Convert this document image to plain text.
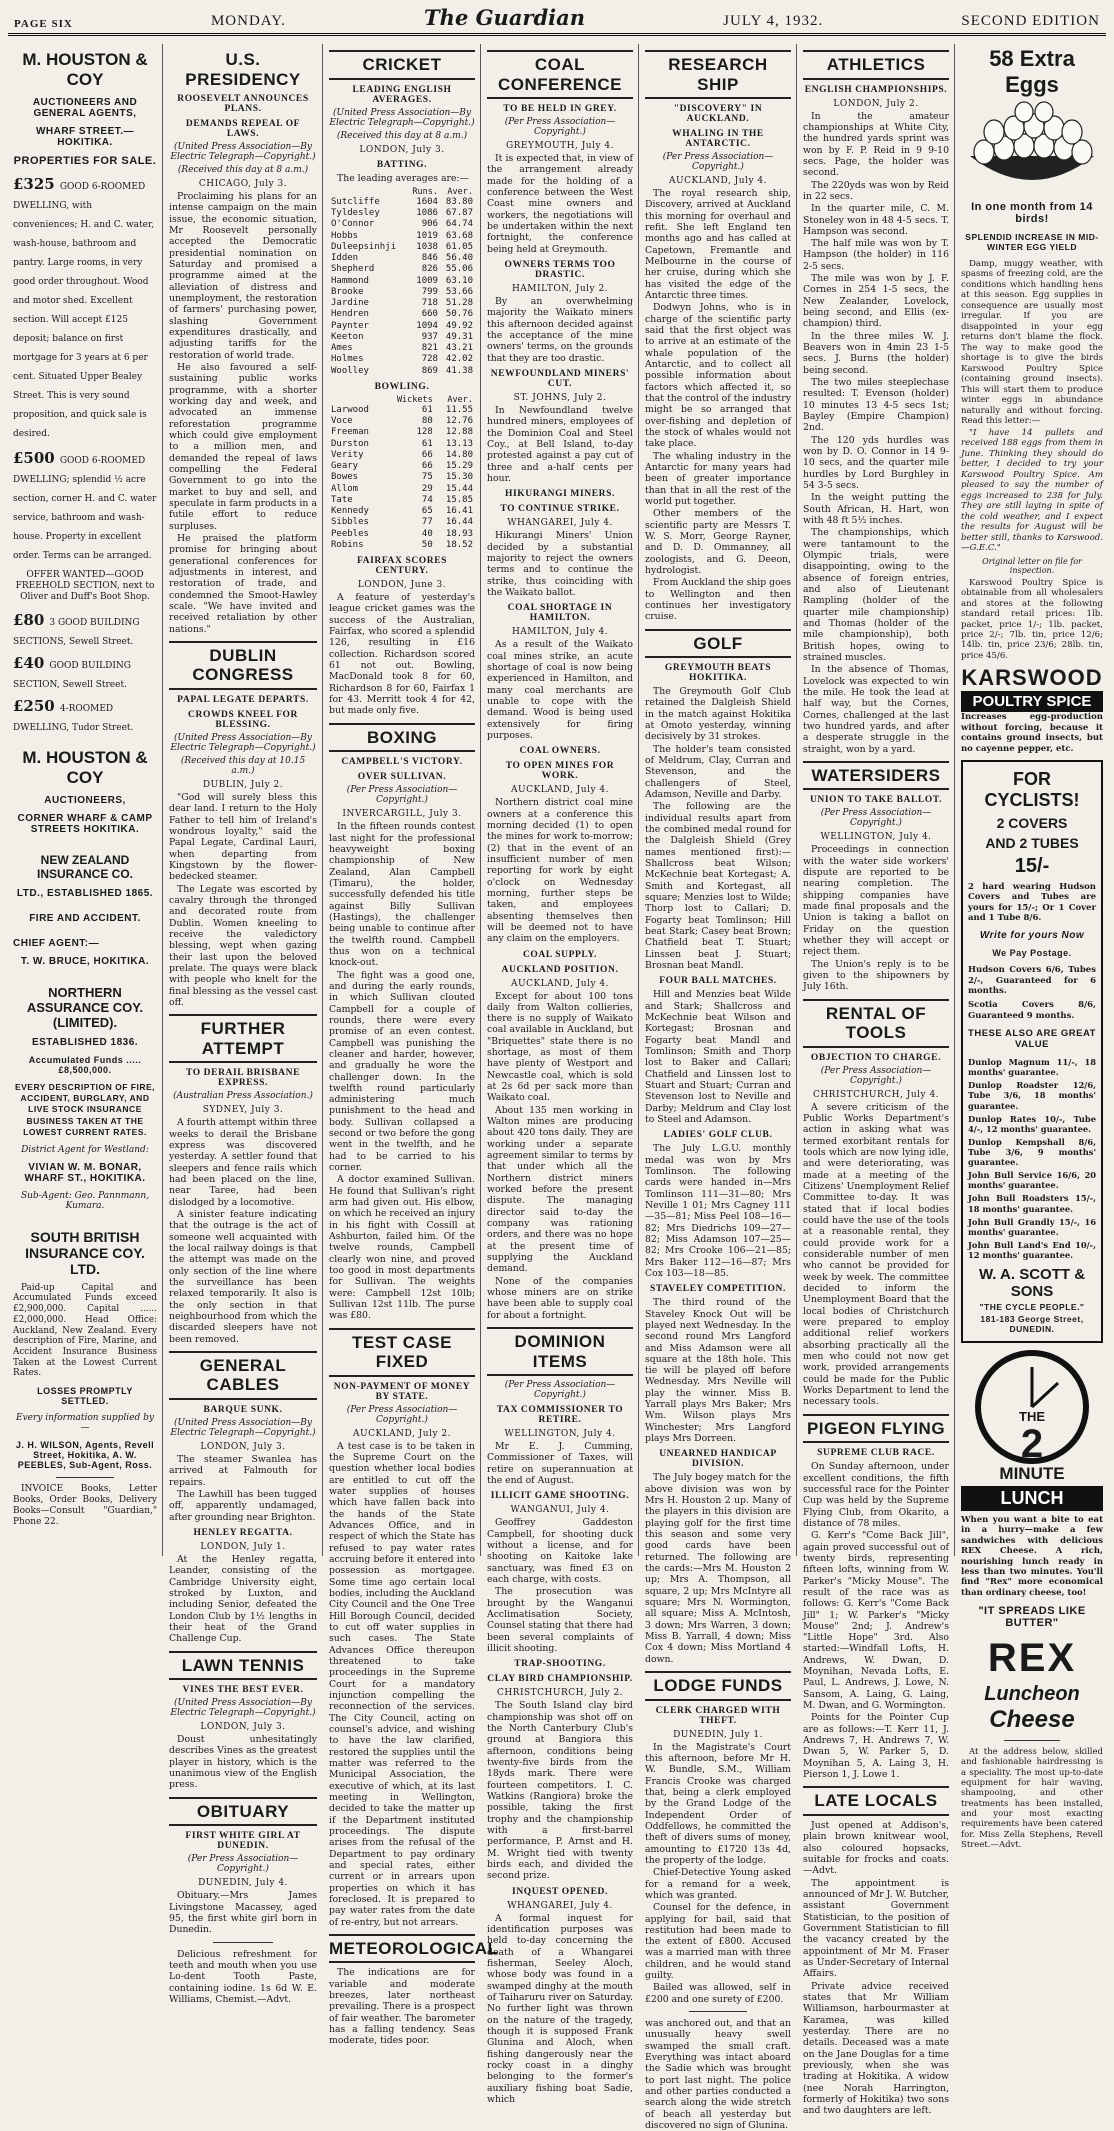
PAGE SIX	MONDAY.	The Guardian	JULY 4, 1932.	SECOND EDITION
M. HOUSTON & COY
AUCTIONEERS AND GENERAL AGENTS,
WHARF STREET.—HOKITIKA.
PROPERTIES FOR SALE.
£325 GOOD 6-ROOMED DWELLING, with conveniences; H. and C. water, wash-house, bathroom and pantry. Large rooms, in very good order throughout. Wood and motor shed. Excellent section. Will accept £125 deposit; balance on first mortgage for 3 years at 6 per cent. Situated Upper Bealey Street. This is very sound proposition, and quick sale is desired.
£500 GOOD 6-ROOMED DWELLING; splendid ½ acre section, corner H. and C. water service, bathroom and wash-house. Property in excellent order. Terms can be arranged.
OFFER WANTED—GOOD FREEHOLD SECTION, next to Oliver and Duff's Boot Shop.
£80 3 GOOD BUILDING SECTIONS, Sewell Street.
£40 GOOD BUILDING SECTION, Sewell Street.
£250 4-ROOMED DWELLING, Tudor Street.
M. HOUSTON & COY
AUCTIONEERS,
CORNER WHARF & CAMP STREETS HOKITIKA.
NEW ZEALAND INSURANCE CO.
LTD., ESTABLISHED 1865.
FIRE AND ACCIDENT.
CHIEF AGENT:—
T. W. BRUCE, HOKITIKA.
NORTHERN ASSURANCE COY. (LIMITED).
ESTABLISHED 1836.
Accumulated Funds ..... £8,500,000.
EVERY DESCRIPTION OF FIRE, ACCIDENT, BURGLARY, AND LIVE STOCK INSURANCE BUSINESS TAKEN AT THE LOWEST CURRENT RATES.
District Agent for Westland:
VIVIAN W. M. BONAR, WHARF ST., HOKITIKA.
Sub-Agent: Geo. Pannmann, Kumara.
SOUTH BRITISH INSURANCE COY. LTD.

Paid-up Capital and Accumulated Funds exceed £2,900,000. Capital ...... £2,000,000. Head Office: Auckland, New Zealand. Every description of Fire, Marine, and Accident Insurance Business Taken at the Lowest Current Rates.

LOSSES PROMPTLY SETTLED.
Every information supplied by—
J. H. WILSON, Agents, Revell Street, Hokitika, A. W. PEEBLES, Sub-Agent, Ross.

INVOICE Books, Letter Books, Order Books, Delivery Books—Consult "Guardian," Phone 22.

U.S. PRESIDENCY
ROOSEVELT ANNOUNCES PLANS.
DEMANDS REPEAL OF LAWS.
(United Press Association—By Electric Telegraph—Copyright.)
(Received this day at 8 a.m.)
CHICAGO, July 3.

Proclaiming his plans for an intense campaign on the main issue, the economic situation, Mr Roosevelt personally accepted the Democratic presidential nomination on Saturday and promised a programme aimed at the alleviation of distress and unemployment, the restoration of farmers' purchasing power, slashing Government expenditures drastically, and adjusting tariffs for the restoration of world trade.

He also favoured a self-sustaining public works programme, with a shorter working day and week, and advocated an immense reforestation programme which could give employment to a million men, and demanded the repeal of laws compelling the Federal Government to go into the market to buy and sell, and speculate in farm products in a futile effort to reduce surpluses.

He praised the platform promise for bringing about generational conferences for adjustments in interest, and restoration of trade, and condemned the Smoot-Hawley scale. "We have invited and received retaliation by other nations."

DUBLIN CONGRESS
PAPAL LEGATE DEPARTS.
CROWDS KNEEL FOR BLESSING.
(United Press Association—By Electric Telegraph—Copyright.)
(Received this day at 10.15 a.m.)
DUBLIN, July 2.

"God will surely bless this dear land. I return to the Holy Father to tell him of Ireland's wondrous loyalty," said the Papal Legate, Cardinal Lauri, when departing from Kingstown by the flower-bedecked steamer.

The Legate was escorted by cavalry through the thronged and decorated route from Dublin. Women kneeling to receive the valedictory blessing, wept when gazing their last upon the beloved prelate. The quays were black with people who knelt for the final blessing as the vessel cast off.

FURTHER ATTEMPT
TO DERAIL BRISBANE EXPRESS.
(Australian Press Association.)
SYDNEY, July 3.

A fourth attempt within three weeks to derail the Brisbane express was discovered yesterday. A settler found that sleepers and fence rails which had been placed on the line, near Taree, had been dislodged by a locomotive.

A sinister feature indicating that the outrage is the act of someone well acquainted with the local railway doings is that the attempt was made on the only section of the line where the surveillance has been relaxed temporarily. It also is the only section in that neighbourhood from which the discarded sleepers have not been removed.

GENERAL CABLES
BARQUE SUNK.
(United Press Association—By Electric Telegraph—Copyright.)
LONDON, July 3.

The steamer Swanlea has arrived at Falmouth for repairs.

The Lawhill has been tugged off, apparently undamaged, after grounding near Brighton.

HENLEY REGATTA.
LONDON, July 1.

At the Henley regatta, Leander, consisting of the Cambridge University eight, stroked by Luxton, and including Senior, defeated the London Club by 1½ lengths in their heat of the Grand Challenge Cup.

LAWN TENNIS
VINES THE BEST EVER.
(United Press Association—By Electric Telegraph—Copyright.)
LONDON, July 3.

Doust unhesitatingly describes Vines as the greatest player in history, which is the unanimous view of the English press.

OBITUARY
FIRST WHITE GIRL AT DUNEDIN.
(Per Press Association— Copyright.)
DUNEDIN, July 4.

Obituary.—Mrs James Livingstone Macassey, aged 95, the first white girl born in Dunedin.

Delicious refreshment for teeth and mouth when you use Lo-dent Tooth Paste, containing iodine. 1s 6d W. E. Williams, Chemist.—Advt.

CRICKET
LEADING ENGLISH AVERAGES.
(United Press Association—By Electric Telegraph—Copyright.)
(Received this day at 8 a.m.)
LONDON, July 3.
BATTING.

The leading averages are:—

	Runs.	Aver.
Sutcliffe	1604	83.80
Tyldesley	1086	67.87
O'Connor	906	64.74
Hobbs	1019	63.68
Duleepsinhji	1038	61.05
Idden	846	56.40
Shepherd	826	55.06
Hammond	1009	63.10
Brooke	799	53.66
Jardine	718	51.28
Hendren	660	50.76
Paynter	1094	49.92
Keeton	937	49.31
Ames	821	43.21
Holmes	728	42.02
Woolley	869	41.38
BOWLING.
	Wickets	Aver.
Larwood	61	11.55
Voce	80	12.76
Freeman	128	12.88
Durston	61	13.13
Verity	66	14.80
Geary	66	15.29
Bowes	75	15.30
Allom	29	15.44
Tate	74	15.85
Kennedy	65	16.41
Sibbles	77	16.44
Peebles	40	18.93
Robins	50	18.52
FAIRFAX SCORES CENTURY.
LONDON, June 3.

A feature of yesterday's league cricket games was the success of the Australian, Fairfax, who scored a splendid 126, resulting in £16 collection. Richardson scored 61 not out. Bowling, MacDonald took 8 for 60, Richardson 8 for 60, Fairfax 1 for 43. Merritt took 4 for 42, but made only five.

BOXING
CAMPBELL'S VICTORY.
OVER SULLIVAN.
(Per Press Association— Copyright.)
INVERCARGILL, July 3.

In the fifteen rounds contest last night for the professional heavyweight boxing championship of New Zealand, Alan Campbell (Timaru), the holder, successfully defended his title against Billy Sullivan (Hastings), the challenger being unable to continue after the twelfth round. Campbell thus won on a technical knock-out.

The fight was a good one, and during the early rounds, in which Sullivan clouted Campbell for a couple of rounds, there were every promise of an even contest. Campbell was punishing the cleaner and harder, however, and gradually he wore the challenger down. In the twelfth round particularly administering much punishment to the head and body. Sullivan collapsed a second or two before the gong went in the twelfth, and he had to be carried to his corner.

A doctor examined Sullivan. He found that Sullivan's right arm had given out. His elbow, on which he received an injury in his fight with Cossill at Ashburton, failed him. Of the twelve rounds, Campbell clearly won nine, and proved too good in most departments for Sullivan. The weights were: Campbell 12st 10lb; Sullivan 12st 11lb. The purse was £80.

TEST CASE FIXED
NON-PAYMENT OF MONEY BY STATE.
(Per Press Association— Copyright.)
AUCKLAND, July 2.

A test case is to be taken in the Supreme Court on the question whether local bodies are entitled to cut off the water supplies of houses which have fallen back into the hands of the State Advances Office, and in respect of which the State has refused to pay water rates accruing before it entered into possession as mortgagee. Some time ago certain local bodies, including the Auckland City Council and the One Tree Hill Borough Council, decided to cut off water supplies in such cases. The State Advances Office thereupon threatened to take proceedings in the Supreme Court for a mandatory injunction compelling the reconnection of the services. The City Council, acting on counsel's advice, and wishing to have the law clarified, restored the supplies until the matter was referred to the Municipal Association, the executive of which, at its last meeting in Wellington, decided to take the matter up if the Department instituted proceedings. The dispute arises from the refusal of the Department to pay ordinary and special rates, either current or in arrears upon properties on which it has foreclosed. It is prepared to pay water rates from the date of re-entry, but not arrears.

METEOROLOGICAL

The indications are for variable and moderate breezes, later northeast prevailing. There is a prospect of fair weather. The barometer has a falling tendency. Seas moderate, tides poor.

COAL CONFERENCE
TO BE HELD IN GREY.
(Per Press Association— Copyright.)
GREYMOUTH, July 4.

It is expected that, in view of the arrangement already made for the holding of a conference between the West Coast mine owners and workers, the negotiations will be undertaken within the next fortnight, the conference being held at Greymouth.

OWNERS TERMS TOO DRASTIC.
HAMILTON, July 2.

By an overwhelming majority the Waikato miners this afternoon decided against the acceptance of the mine owners' terms, on the grounds that they are too drastic.

NEWFOUNDLAND MINERS' CUT.
ST. JOHNS, July 2.

In Newfoundland twelve hundred miners, employees of the Dominion Coal and Steel Coy., at Bell Island, to-day protested against a pay cut of three and a-half cents per hour.

HIKURANGI MINERS.
TO CONTINUE STRIKE.
WHANGAREI, July 4.

Hikurangi Miners' Union decided by a substantial majority to reject the owners terms and to continue the strike, thus coinciding with the Waikato ballot.

COAL SHORTAGE IN HAMILTON.
HAMILTON, July 4.

As a result of the Waikato coal mines strike, an acute shortage of coal is now being experienced in Hamilton, and many coal merchants are unable to cope with the demand. Wood is being used extensively for firing purposes.

COAL OWNERS.
TO OPEN MINES FOR WORK.
AUCKLAND, July 4.

Northern district coal mine owners at a conference this morning decided (1) to open the mines for work to-morrow; (2) that in the event of an insufficient number of men reporting for work by eight o'clock on Wednesday morning, further steps be taken, and employees absenting themselves then will be deemed not to have any claim on the employers.

COAL SUPPLY.
AUCKLAND POSITION.
AUCKLAND, July 4.

Except for about 100 tons daily from Walton collieries, there is no supply of Waikato coal available in Auckland, but "Briquettes" state there is no shortage, as most of them have plenty of Westport and Newcastle coal, which is sold at 2s 6d per sack more than Waikato coal.

About 135 men working in Walton mines are producing about 420 tons daily. They are working under a separate agreement similar to terms by that under which all the Northern district miners worked before the present dispute. The managing director said to-day the company was rationing orders, and there was no hope at the present time of supplying the Auckland demand.

None of the companies whose miners are on strike have been able to supply coal for about a fortnight.

DOMINION ITEMS
(Per Press Association— Copyright.)
TAX COMMISSIONER TO RETIRE.
WELLINGTON, July 4.

Mr E. J. Cumming, Commissioner of Taxes, will retire on superannuation at the end of August.

ILLICIT GAME SHOOTING.
WANGANUI, July 4.

Geoffrey Gaddeston Campbell, for shooting duck without a license, and for shooting on Kaitoke lake sanctuary, was fined £3 on each charge, with costs.

The prosecution was brought by the Wanganui Acclimatisation Society, Counsel stating that there had been several complaints of illicit shooting.

TRAP-SHOOTING.
CLAY BIRD CHAMPIONSHIP.
CHRISTCHURCH, July 2.

The South Island clay bird championship was shot off on the North Canterbury Club's ground at Bangiora this afternoon, conditions being twenty-five birds from the 18yds mark. There were fourteen competitors. I. C. Watkins (Rangiora) broke the possible, taking the first trophy and the championship with a first-barrel performance, P. Arnst and H. M. Wright tied with twenty birds each, and divided the second prize.

INQUEST OPENED.
WHANGAREI, July 4.

A formal inquest for identification purposes was held to-day concerning the death of a Whangarei fisherman, Seeley Aloch, whose body was found in a swamped dinghy at the mouth of Taiharuru river on Saturday. No further light was thrown on the nature of the tragedy, though it is supposed Frank Glunina and Aloch, when fishing dangerously near the rocky coast in a dinghy belonging to the former's auxiliary fishing boat Sadie, which

RESEARCH SHIP
"DISCOVERY" IN AUCKLAND.
WHALING IN THE ANTARCTIC.
(Per Press Association— Copyright.)
AUCKLAND, July 4.

The royal research ship, Discovery, arrived at Auckland this morning for overhaul and refit. She left England ten months ago and has called at Capetown, Fremantle and Melbourne in the course of her cruise, during which she has visited the edge of the Antarctic three times.

Dodwyn Johns, who is in charge of the scientific party said that the first object was to arrive at an estimate of the whale population of the Antarctic, and to collect all possible information about factors which affected it, so that the control of the industry might be so arranged that over-fishing and depletion of the stock of whales would not take place.

The whaling industry in the Antarctic for many years had been of greater importance than that in all the rest of the world put together.

Other members of the scientific party are Messrs T. W. S. Morr, George Rayner, and D. D. Ommanney, all zoologists, and G. Deeon, hydrologist.

From Auckland the ship goes to Wellington and then continues her investigatory cruise.

GOLF
GREYMOUTH BEATS HOKITIKA.

The Greymouth Golf Club retained the Dalgleish Shield in the match against Hokitika at Omoto yesterday, winning decisively by 31 strokes.

The holder's team consisted of Meldrum, Clay, Curran and Stevenson, and the challengers of Steel, Adamson, Neville and Darby.

The following are the individual results apart from the combined medal round for the Dalgleish Shield (Grey names mentioned first):—Shallcross beat Wilson; McKechnie beat Kortegast; A. Smith and Kortegast, all square; Menzies lost to Wilde; Thorp lost to Callari; D. Fogarty beat Tomlinson; Hill beat Stark; Casey beat Brown; Chatfield beat T. Stuart; Linssen beat J. Stuart; Brosnan beat Mandl.

FOUR BALL MATCHES.

Hill and Menzies beat Wilde and Stark; Shallcross and McKechnie beat Wilson and Kortegast; Brosnan and Fogarty beat Mandl and Tomlinson; Smith and Thorp lost to Baker and Callari; Chatfield and Linssen lost to Stuart and Stuart; Curran and Stevenson lost to Neville and Darby; Meldrum and Clay lost to Steel and Adamson.

LADIES' GOLF CLUB.

The July L.G.U. monthly medal was won by Mrs Tomlinson. The following cards were handed in—Mrs Tomlinson 111—31—80; Mrs Neville 1 01; Mrs Cagney 111—35—81; Miss Peel 108—16—82; Mrs Diedrichs 109—27—82; Miss Adamson 107—25—82; Mrs Crooke 106—21—85; Mrs Baker 112—16—87; Mrs Cox 103—18—85.

STAVELEY COMPETITION.

The third round of the Staveley Knock Out will be played next Wednesday. In the second round Mrs Langford and Miss Adamson were all square at the 18th hole. This tie will be played off before Wednesday. Mrs Neville will play the winner. Miss B. Yarrall plays Mrs Baker; Mrs Wm. Wilson plays Mrs Winchester; Mrs Langford plays Mrs Dorreen.

UNEARNED HANDICAP DIVISION.

The July bogey match for the above division was won by Mrs H. Houston 2 up. Many of the players in this division are playing golf for the first time this season and some very good cards have been returned. The following are the cards:—Mrs M. Houston 2 up; Mrs A. Thompson, all square, 2 up; Mrs McIntyre all square; Mrs N. Wormington, all square; Miss A. McIntosh, 3 down; Mrs Warren, 3 down; Miss B. Yarrall, 4 down; Miss Cox 4 down; Miss Mortland 4 down.

LODGE FUNDS
CLERK CHARGED WITH THEFT.
DUNEDIN, July 1.

In the Magistrate's Court this afternoon, before Mr H. W. Bundle, S.M., William Francis Crooke was charged that, being a clerk employed by the Grand Lodge of the Independent Order of Oddfellows, he committed the theft of divers sums of money, amounting to £1720 13s 4d, the property of the lodge.

Chief-Detective Young asked for a remand for a week, which was granted.

Counsel for the defence, in applying for bail, said that restitution had been made to the extent of £800. Accused was a married man with three children, and he would stand guilty.

Bailed was allowed, self in £200 and one surety of £200.

was anchored out, and that an unusually heavy swell swamped the small craft. Everything was intact aboard the Sadie which was brought to port last night. The police and other parties conducted a search along the wide stretch of beach all yesterday but discovered no sign of Glunina.

ATHLETICS
ENGLISH CHAMPIONSHIPS.
LONDON, July 2.

In the amateur championships at White City, the hundred yards sprint was won by F. P. Reid in 9 9-10 secs. Page, the holder was second.

The 220yds was won by Reid in 22 secs.

In the quarter mile, C. M. Stoneley won in 48 4-5 secs. T. Hampson was second.

The half mile was won by T. Hampson (the holder) in 116 2-5 secs.

The mile was won by J. F. Cornes in 254 1-5 secs, the New Zealander, Lovelock, being second, and Ellis (ex-champion) third.

In the three miles W. J. Beavers won in 4min 23 1-5 secs. J. Burns (the holder) being second.

The two miles steeplechase resulted: T. Evenson (holder) 10 minutes 13 4-5 secs 1st; Bayley (Empire Champion) 2nd.

The 120 yds hurdles was won by D. O. Connor in 14 9-10 secs, and the quarter mile hurdles by Lord Burghley in 54 3-5 secs.

In the weight putting the South African, H. Hart, won with 48 ft 5½ inches.

The championships, which were tantamount to the Olympic trials, were disappointing, owing to the absence of foreign entries, and also of Lieutenant Rampling (holder of the quarter mile championship) and Thomas (holder of the mile championship), both British hopes, owing to strained muscles.

In the absence of Thomas, Lovelock was expected to win the mile. He took the lead at half way, but the Cornes, Cornes, challenged at the last two hundred yards, and after a desperate struggle in the straight, won by a yard.

WATERSIDERS
UNION TO TAKE BALLOT.
(Per Press Association— Copyright.)
WELLINGTON, July 4.

Proceedings in connection with the water side workers' dispute are reported to be nearing completion. The shipping companies have made final proposals and the Union is taking a ballot on Friday on the question whether they will accept or reject them.

The Union's reply is to be given to the shipowners by July 16th.

RENTAL OF TOOLS
OBJECTION TO CHARGE.
(Per Press Association— Copyright.)
CHRISTCHURCH, July 4.

A severe criticism of the Public Works Department's action in asking what was termed exorbitant rentals for tools which are now lying idle, and were deteriorating, was made at a meeting of the Citizens' Unemployment Relief Committee to-day. It was stated that if local bodies could have the use of the tools at a reasonable rental, they could provide work for a considerable number of men who cannot be provided for week by week. The committee decided to inform the Unemployment Board that the local bodies of Christchurch were prepared to employ additional relief workers absorbing practically all the men who could not now get work, provided arrangements could be made for the Public Works Department to lend the necessary tools.

PIGEON FLYING
SUPREME CLUB RACE.

On Sunday afternoon, under excellent conditions, the fifth successful race for the Pointer Cup was held by the Supreme Flying Club, from Okarito, a distance of 78 miles.

G. Kerr's "Come Back Jill", again proved successful out of twenty birds, representing fifteen lofts, winning from W. Parker's "Micky Mouse". The result of the race was as follows: G. Kerr's "Come Back Jill" 1; W. Parker's "Micky Mouse" 2nd; J. Andrew's "Little Hope" 3rd. Also started:—Windfall Lofts, H. Andrews, W. Dwan, D. Moynihan, Nevada Lofts, E. Paul, L. Andrews, J. Lowe, N. Sansom, A. Laing, G. Laing, M. Dwan, and G. Wormington.

Points for the Pointer Cup are as follows:—T. Kerr 11, J. Andrews 7, H. Andrews 7, W. Dwan 5, W. Parker 5, D. Moynihan 5, A. Laing 3, H. Pierson 1, J. Lowe 1.

LATE LOCALS

Just opened at Addison's, plain brown knitwear wool, also coloured hopsacks, suitable for frocks and coats.—Advt.

The appointment is announced of Mr J. W. Butcher, assistant Government Statistician, to the position of Government Statistician to fill the vacancy created by the appointment of Mr M. Fraser as Under-Secretary of Internal Affairs.

Private advice received states that Mr William Williamson, harbourmaster at Karamea, was killed yesterday. There are no details. Deceased was a mate on the Jane Douglas for a time previously, when she was trading at Hokitika. A widow (nee Norah Harrington, formerly of Hokitika) two sons and two daughters are left.

58 Extra Eggs
In one month from 14 birds!
SPLENDID INCREASE IN MID-WINTER EGG YIELD

Damp, muggy weather, with spasms of freezing cold, are the conditions which handling hens at this season. Egg supplies in consequence are usually most irregular. If you are disappointed in your egg returns don't blame the flock. The way to make good the shortage is to give the birds Karswood Poultry Spice (containing ground insects). This will start them to produce winter eggs in abundance naturally and without forcing. Read this letter:—

"I have 14 pullets and received 188 eggs from them in June. Thinking they should do better, I decided to try your Karswood Poultry Spice. Am pleased to say the number of eggs increased to 238 for July. They are still laying in spite of the cold weather, and I expect the results for August will be better still, thanks to Karswood.—G.E.C."

Original letter on file for inspection.

Karswood Poultry Spice is obtainable from all wholesalers and stores at the following standard retail prices: 1lb. packet, price 1/-; 1lb. packet, price 2/-; 7lb. tin, price 12/6; 14lb. tin, price 23/6; 28lb. tin, price 45/6.

KARSWOOD
POULTRY SPICE

Increases egg-production without forcing, because it contains ground insects, but no cayenne pepper, etc.

FOR CYCLISTS!
2 COVERS
AND 2 TUBES
15/-

2 hard wearing Hudson Covers and Tubes are yours for 15/-; Or 1 Cover and 1 Tube 8/6.

Write for yours Now
We Pay Postage.

Hudson Covers 6/6, Tubes 2/-, Guaranteed for 6 months.

Scotia Covers 8/6, Guaranteed 9 months.

THESE ALSO ARE GREAT VALUE

Dunlop Magnum 11/-, 18 months' guarantee.

Dunlop Roadster 12/6, Tube 3/6, 18 months' guarantee.

Dunlop Rates 10/-, Tube 4/-, 12 months' guarantee.

Dunlop Kempshall 8/6, Tube 3/6, 9 months' guarantee.

John Bull Service 16/6, 20 months' guarantee.

John Bull Roadsters 15/-, 18 months' guarantee.

John Bull Grandly 15/-, 16 months' guarantee.

John Bull Land's End 10/-, 12 months' guarantee.

W. A. SCOTT & SONS
"THE CYCLE PEOPLE."
181-183 George Street, DUNEDIN.
THE
2
MINUTE
LUNCH

When you want a bite to eat in a hurry—make a few sandwiches with delicious REX Cheese. A rich, nourishing lunch ready in less than two minutes. You'll find "Rex" more economical than ordinary cheese, too!

"IT SPREADS LIKE BUTTER"
REX
Luncheon
Cheese

At the address below, skilled and fashionable hairdressing is a speciality. The most up-to-date equipment for hair waving, shampooing, and other treatments has been installed, and your most exacting requirements have been catered for. Miss Zella Stephens, Revell Street.—Advt.
